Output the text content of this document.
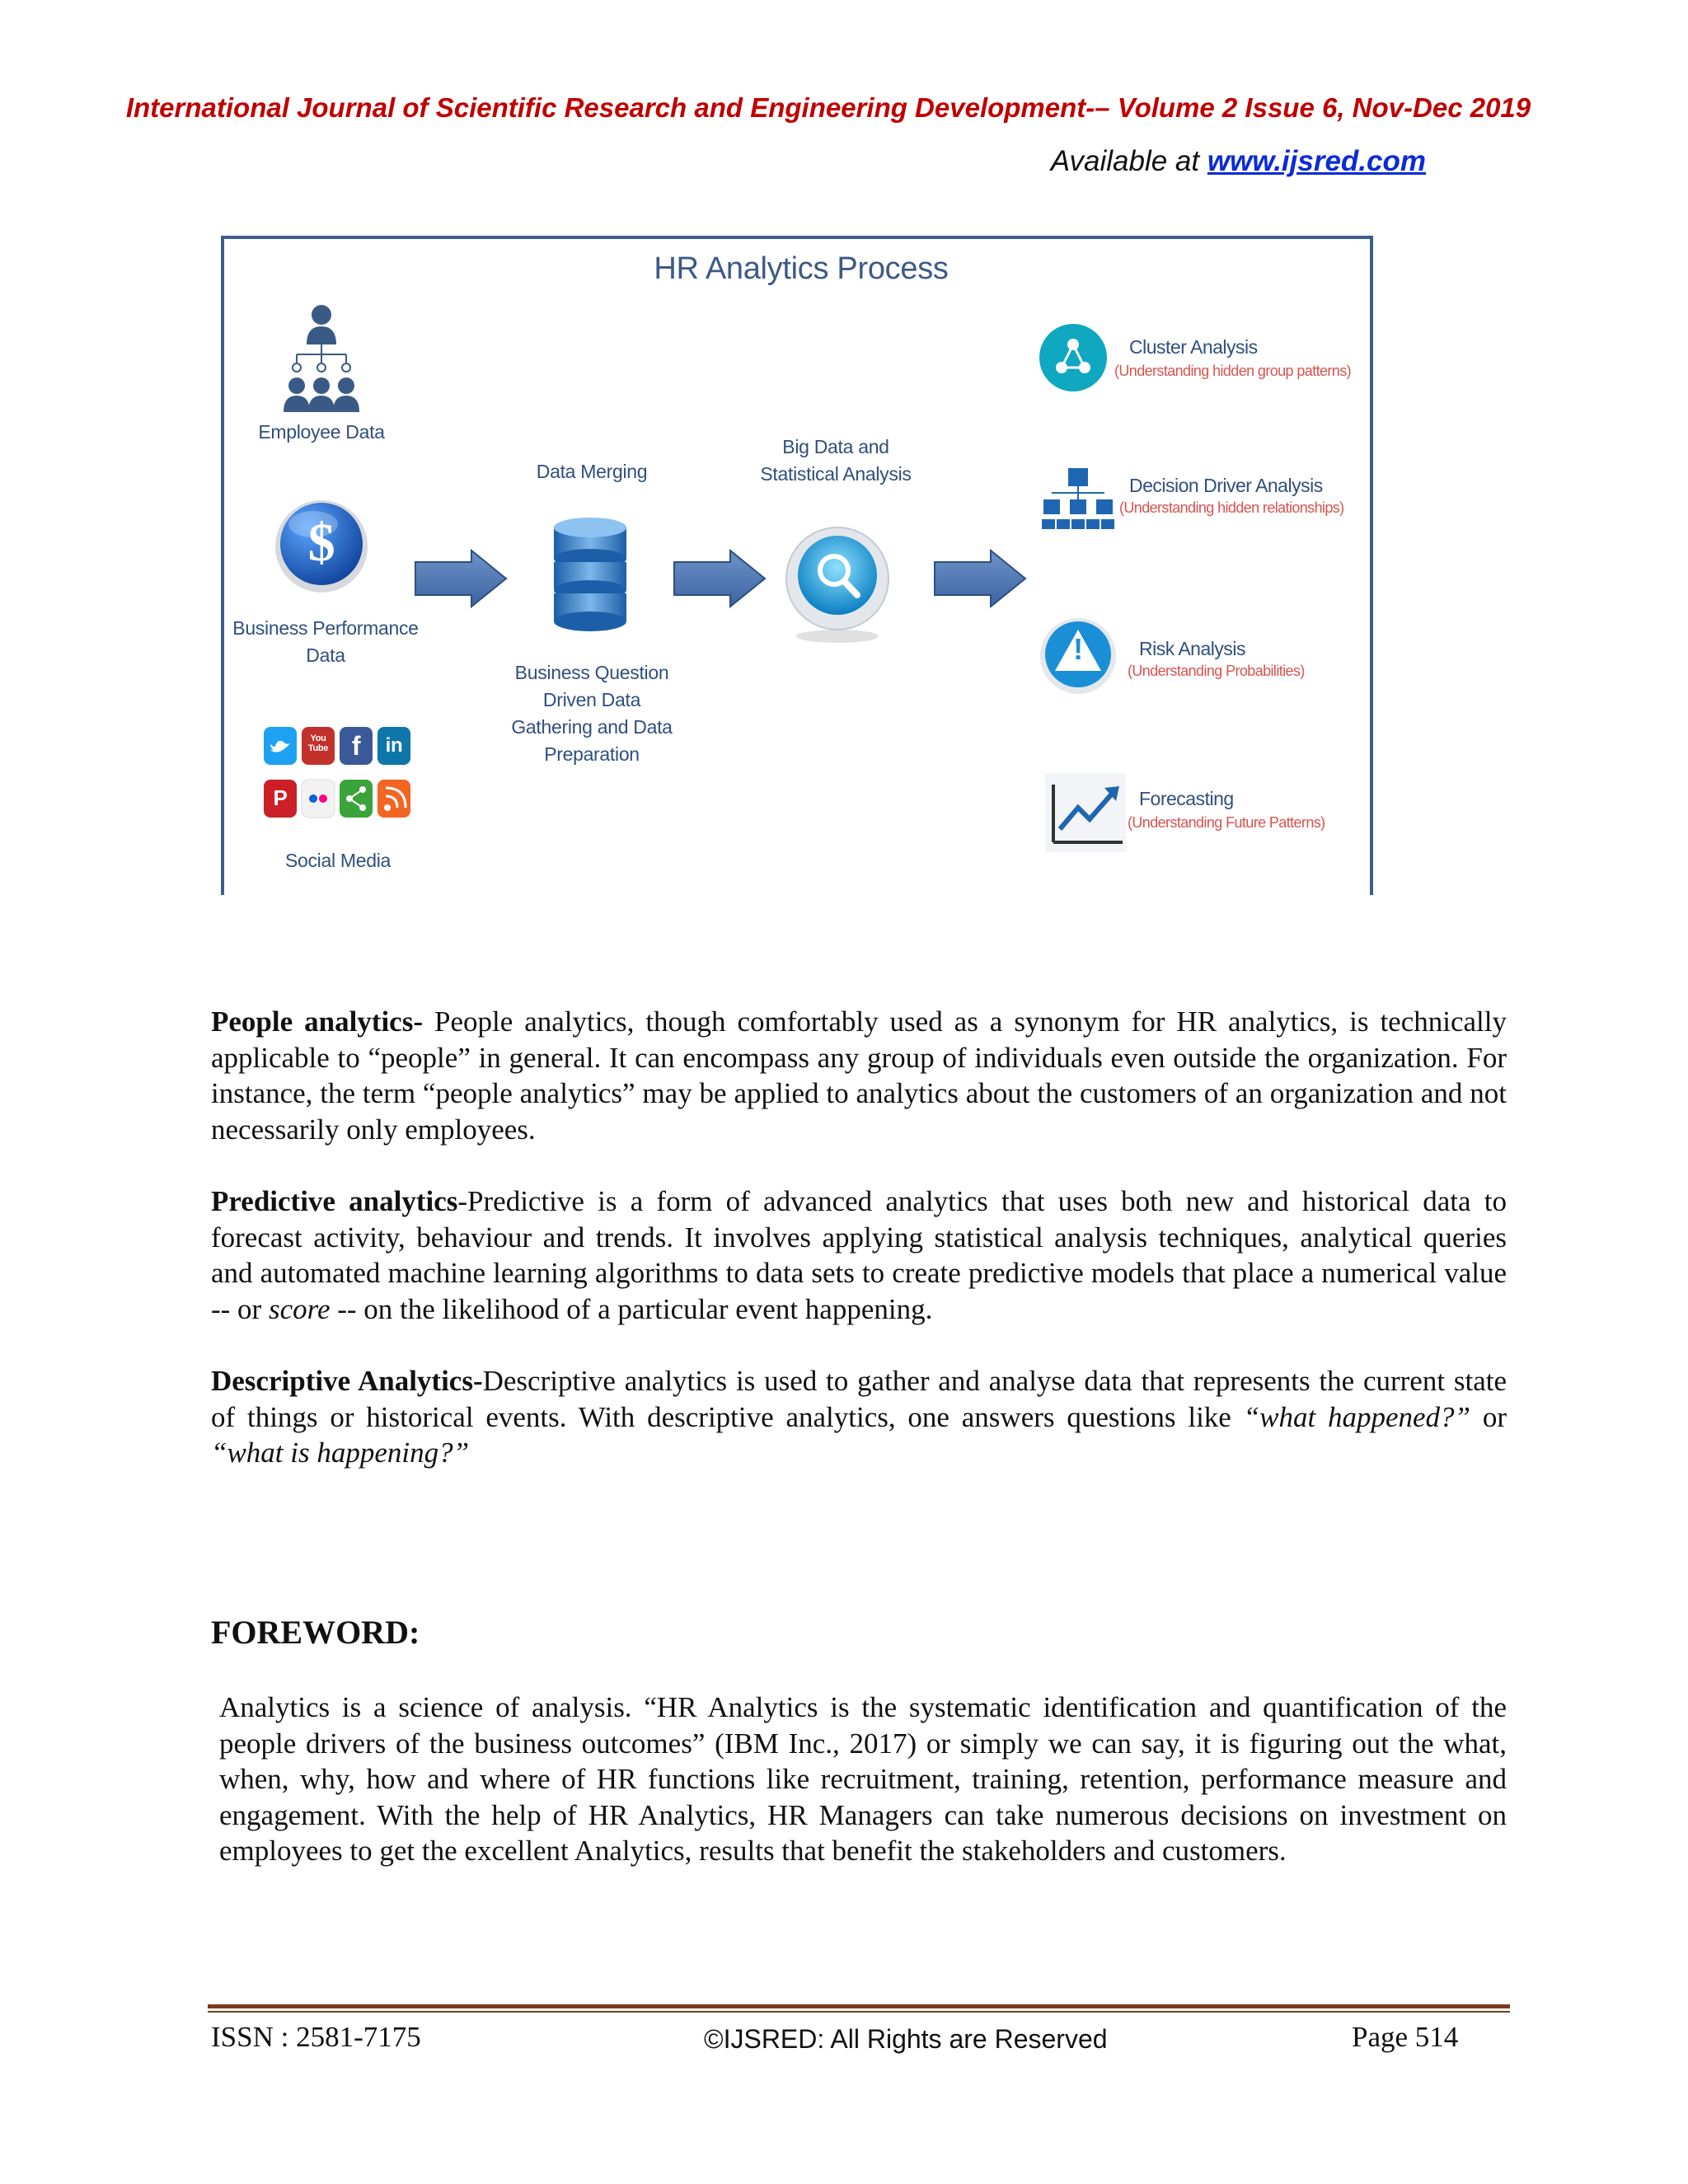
International Journal of Scientific Research and Engineering Development-– Volume 2 Issue 6, Nov-Dec 2019
Available at www.ijsred.com
HR Analytics Process
Employee Data
$
Business Performance Data
You Tube f	in
P
Social Media
Data Merging
Big Data and Statistical Analysis
Business Question Driven Data Gathering and Data Preparation
Cluster Analysis
(Understanding hidden group patterns)
Decision Driver Analysis
(Understanding hidden relationships)
!	Risk Analysis
(Understanding Probabilities)
Forecasting
(Understanding Future Patterns)

People analytics- People analytics, though comfortably used as a synonym for HR analytics, is technically applicable to “people” in general. It can encompass any group of individuals even outside the organization. For instance, the term “people analytics” may be applied to analytics about the customers of an organization and not necessarily only employees.

Predictive analytics-Predictive is a form of advanced analytics that uses both new and historical data to forecast activity, behaviour and trends. It involves applying statistical analysis techniques, analytical queries and automated machine learning algorithms to data sets to create predictive models that place a numerical value -- or score -- on the likelihood of a particular event happening.

Descriptive Analytics-Descriptive analytics is used to gather and analyse data that represents the current state of things or historical events. With descriptive analytics, one answers questions like “what happened?” or “what is happening?”

FOREWORD:

Analytics is a science of analysis. “HR Analytics is the systematic identification and quantification of the people drivers of the business outcomes” (IBM Inc., 2017) or simply we can say, it is figuring out the what, when, why, how and where of HR functions like recruitment, training, retention, performance measure and engagement. With the help of HR Analytics, HR Managers can take numerous decisions on investment on employees to get the excellent Analytics, results that benefit the stakeholders and customers.

ISSN : 2581-7175	©IJSRED: All Rights are Reserved	Page 514
